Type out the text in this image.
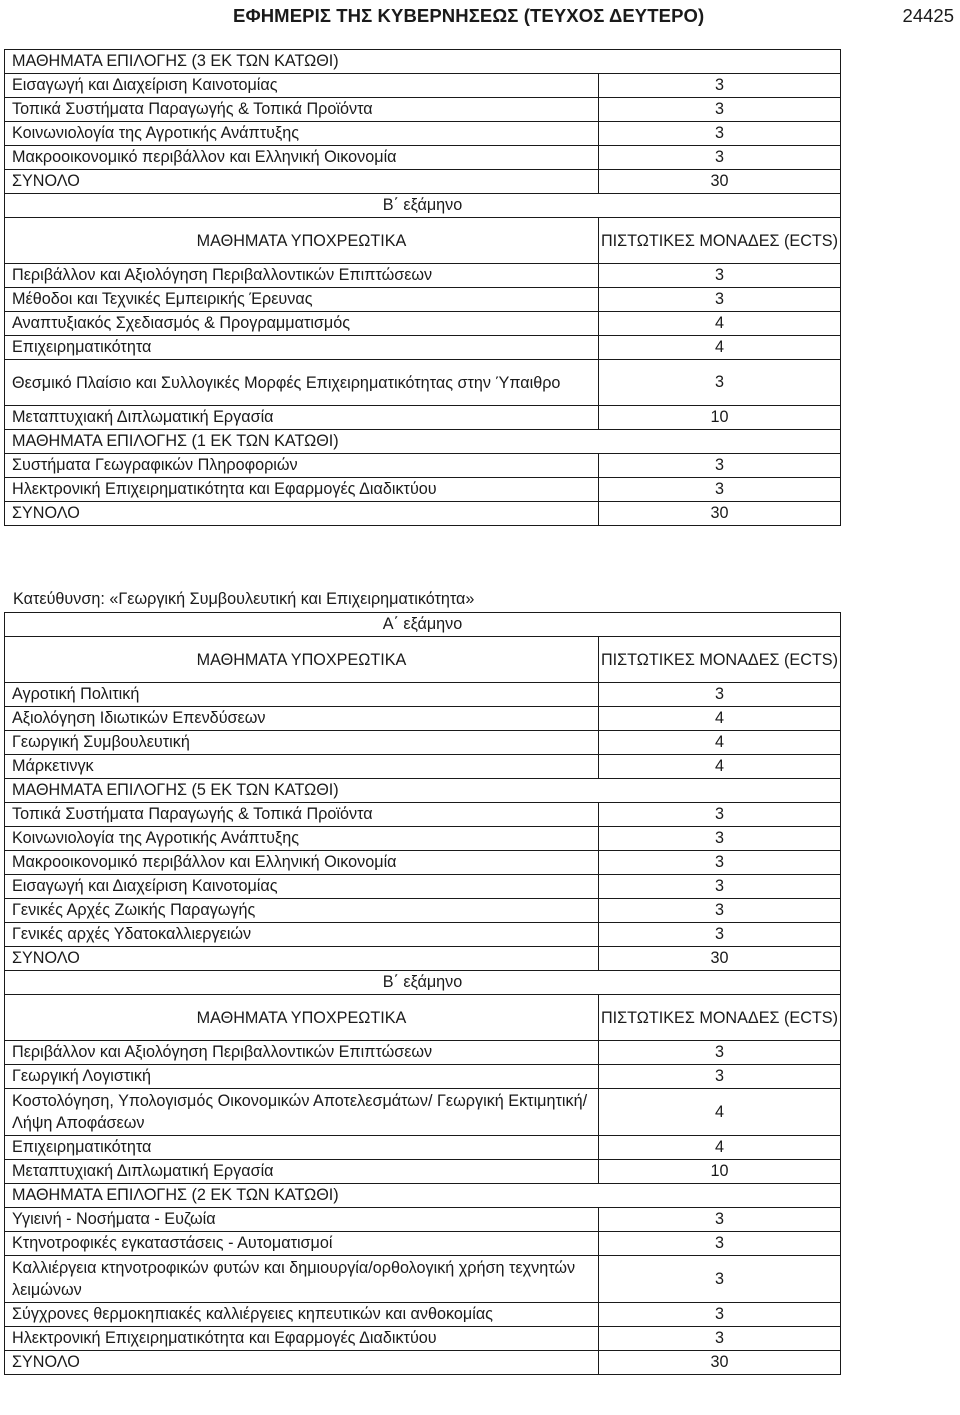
ΕΦΗΜΕΡΙΣ ΤΗΣ ΚΥΒΕΡΝΗΣΕΩΣ (ΤΕΥΧΟΣ ΔΕΥΤΕΡΟ)	24425
ΜΑΘΗΜΑΤΑ ΕΠΙΛΟΓΗΣ (3 ΕΚ ΤΩΝ ΚΑΤΩΘΙ)	
Εισαγωγή και Διαχείριση Καινοτομίας	3
Τοπικά Συστήματα Παραγωγής & Τοπικά Προϊόντα	3
Κοινωνιολογία της Αγροτικής Ανάπτυξης	3
Μακροοικονομικό περιβάλλον και Ελληνική Οικονομία	3
ΣΥΝΟΛΟ	30
Β΄ εξάμηνο	
ΜΑΘΗΜΑΤΑ ΥΠΟΧΡΕΩΤΙΚΑ	ΠΙΣΤΩΤΙΚΕΣ ΜΟΝΑΔΕΣ (ECTS)
Περιβάλλον και Αξιολόγηση Περιβαλλοντικών Επιπτώσεων	3
Μέθοδοι και Τεχνικές Εμπειρικής Έρευνας	3
Αναπτυξιακός Σχεδιασμός & Προγραμματισμός	4
Επιχειρηματικότητα	4
Θεσμικό Πλαίσιο και Συλλογικές Μορφές Επιχειρηματικότητας στην Ύπαιθρο	3
Μεταπτυχιακή Διπλωματική Εργασία	10
ΜΑΘΗΜΑΤΑ ΕΠΙΛΟΓΗΣ (1 ΕΚ ΤΩΝ ΚΑΤΩΘΙ)	
Συστήματα Γεωγραφικών Πληροφοριών	3
Ηλεκτρονική Επιχειρηματικότητα και Εφαρμογές Διαδικτύου	3
ΣΥΝΟΛΟ	30
Κατεύθυνση: «Γεωργική Συμβουλευτική και Επιχειρηματικότητα»
Α΄ εξάμηνο	
ΜΑΘΗΜΑΤΑ ΥΠΟΧΡΕΩΤΙΚΑ	ΠΙΣΤΩΤΙΚΕΣ ΜΟΝΑΔΕΣ (ECTS)
Αγροτική Πολιτική	3
Αξιολόγηση Ιδιωτικών Επενδύσεων	4
Γεωργική Συμβουλευτική	4
Μάρκετινγκ	4
ΜΑΘΗΜΑΤΑ ΕΠΙΛΟΓΗΣ (5 ΕΚ ΤΩΝ ΚΑΤΩΘΙ)	
Τοπικά Συστήματα Παραγωγής & Τοπικά Προϊόντα	3
Κοινωνιολογία της Αγροτικής Ανάπτυξης	3
Μακροοικονομικό περιβάλλον και Ελληνική Οικονομία	3
Εισαγωγή και Διαχείριση Καινοτομίας	3
Γενικές Αρχές Ζωικής Παραγωγής	3
Γενικές αρχές Υδατοκαλλιεργειών	3
ΣΥΝΟΛΟ	30
Β΄ εξάμηνο	
ΜΑΘΗΜΑΤΑ ΥΠΟΧΡΕΩΤΙΚΑ	ΠΙΣΤΩΤΙΚΕΣ ΜΟΝΑΔΕΣ (ECTS)
Περιβάλλον και Αξιολόγηση Περιβαλλοντικών Επιπτώσεων	3
Γεωργική Λογιστική	3
Κοστολόγηση, Υπολογισμός Οικονομικών Αποτελεσμάτων/ Γεωργική Εκτιμητική/ Λήψη Αποφάσεων	4
Επιχειρηματικότητα	4
Μεταπτυχιακή Διπλωματική Εργασία	10
ΜΑΘΗΜΑΤΑ ΕΠΙΛΟΓΗΣ (2 ΕΚ ΤΩΝ ΚΑΤΩΘΙ)	
Υγιεινή - Νοσήματα - Ευζωία	3
Κτηνοτροφικές εγκαταστάσεις - Αυτοματισμοί	3
Καλλιέργεια κτηνοτροφικών φυτών και δημιουργία/ορθολογική χρήση τεχνητών λειμώνων	3
Σύγχρονες θερμοκηπιακές καλλιέργειες κηπευτικών και ανθοκομίας	3
Ηλεκτρονική Επιχειρηματικότητα και Εφαρμογές Διαδικτύου	3
ΣΥΝΟΛΟ	30
